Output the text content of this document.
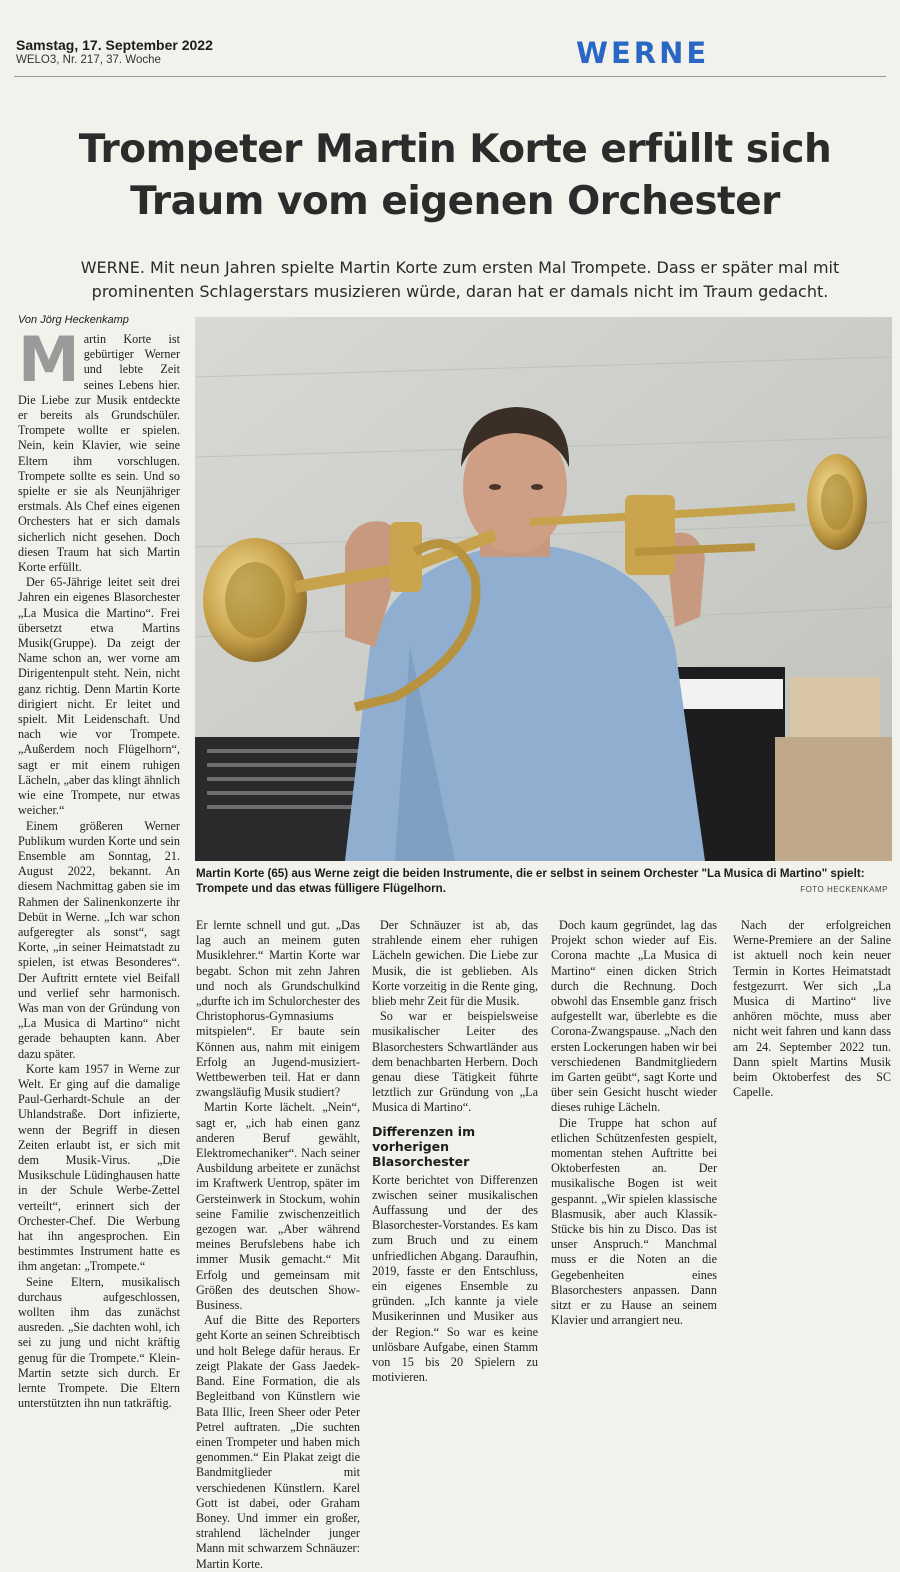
Samstag, 17. September 2022
WELO3, Nr. 217, 37. Woche	WERNE
Trompeter Martin Korte erfüllt sich
Traum vom eigenen Orchester
WERNE. Mit neun Jahren spielte Martin Korte zum ersten Mal Trompete. Dass er später mal mit prominenten Schlagerstars musizieren würde, daran hat er damals nicht im Traum gedacht.
Von Jörg Heckenkamp

Martin Korte ist gebürtiger Werner und lebte Zeit seines Lebens hier. Die Liebe zur Musik entdeckte er bereits als Grundschüler. Trompete wollte er spielen. Nein, kein Klavier, wie seine Eltern ihm vorschlugen. Trompete sollte es sein. Und so spielte er sie als Neunjähriger erstmals. Als Chef eines eigenen Orchesters hat er sich damals sicherlich nicht gesehen. Doch diesen Traum hat sich Martin Korte erfüllt.

Der 65-Jährige leitet seit drei Jahren ein eigenes Blasorchester „La Musica die Martino“. Frei übersetzt etwa Martins Musik(Gruppe). Da zeigt der Name schon an, wer vorne am Dirigentenpult steht. Nein, nicht ganz richtig. Denn Martin Korte dirigiert nicht. Er leitet und spielt. Mit Leidenschaft. Und nach wie vor Trompete. „Außerdem noch Flügelhorn“, sagt er mit einem ruhigen Lächeln, „aber das klingt ähnlich wie eine Trompete, nur etwas weicher.“

Einem größeren Werner Publikum wurden Korte und sein Ensemble am Sonntag, 21. August 2022, bekannt. An diesem Nachmittag gaben sie im Rahmen der Salinenkonzerte ihr Debüt in Werne. „Ich war schon aufgeregter als sonst“, sagt Korte, „in seiner Heimatstadt zu spielen, ist etwas Besonderes“. Der Auftritt erntete viel Beifall und verlief sehr harmonisch. Was man von der Gründung von „La Musica di Martino“ nicht gerade behaupten kann. Aber dazu später.

Korte kam 1957 in Werne zur Welt. Er ging auf die damalige Paul-Gerhardt-Schule an der Uhlandstraße. Dort infizierte, wenn der Begriff in diesen Zeiten erlaubt ist, er sich mit dem Musik-Virus. „Die Musikschule Lüdinghausen hatte in der Schule Werbe-Zettel verteilt“, erinnert sich der Orchester-Chef. Die Werbung hat ihn angesprochen. Ein bestimmtes Instrument hatte es ihm angetan: „Trompete.“

Seine Eltern, musikalisch durchaus aufgeschlossen, wollten ihm das zunächst ausreden. „Sie dachten wohl, ich sei zu jung und nicht kräftig genug für die Trompete.“ Klein-Martin setzte sich durch. Er lernte Trompete. Die Eltern unterstützten ihn nun tatkräftig.

Martin Korte (65) aus Werne zeigt die beiden Instrumente, die er selbst in seinem Orchester "La Musica di Martino" spielt: Trompete und das etwas fülligere Flügelhorn.	FOTO HECKENKAMP

Er lernte schnell und gut. „Das lag auch an meinem guten Musiklehrer.“ Martin Korte war begabt. Schon mit zehn Jahren und noch als Grundschulkind „durfte ich im Schulorchester des Christophorus-Gymnasiums mitspielen“. Er baute sein Können aus, nahm mit einigem Erfolg an Jugend-musiziert-Wettbewerben teil. Hat er dann zwangsläufig Musik studiert?

Martin Korte lächelt. „Nein“, sagt er, „ich hab einen ganz anderen Beruf gewählt, Elektromechaniker“. Nach seiner Ausbildung arbeitete er zunächst im Kraftwerk Uentrop, später im Gersteinwerk in Stockum, wohin seine Familie zwischenzeitlich gezogen war. „Aber während meines Berufslebens habe ich immer Musik gemacht.“ Mit Erfolg und gemeinsam mit Größen des deutschen Show-Business.

Auf die Bitte des Reporters geht Korte an seinen Schreibtisch und holt Belege dafür heraus. Er zeigt Plakate der Gass Jaedek-Band. Eine Formation, die als Begleitband von Künstlern wie Bata Illic, Ireen Sheer oder Peter Petrel auftraten. „Die suchten einen Trompeter und haben mich genommen.“ Ein Plakat zeigt die Bandmitglieder mit verschiedenen Künstlern. Karel Gott ist dabei, oder Graham Boney. Und immer ein großer, strahlend lächelnder junger Mann mit schwarzem Schnäuzer: Martin Korte.

Der Schnäuzer ist ab, das strahlende einem eher ruhigen Lächeln gewichen. Die Liebe zur Musik, die ist geblieben. Als Korte vorzeitig in die Rente ging, blieb mehr Zeit für die Musik.

So war er beispielsweise musikalischer Leiter des Blasorchesters Schwartländer aus dem benachbarten Herbern. Doch genau diese Tätigkeit führte letztlich zur Gründung von „La Musica di Martino“.

Differenzen im vorherigen Blasorchester

Korte berichtet von Differenzen zwischen seiner musikalischen Auffassung und der des Blasorchester-Vorstandes. Es kam zum Bruch und zu einem unfriedlichen Abgang. Daraufhin, 2019, fasste er den Entschluss, ein eigenes Ensemble zu gründen. „Ich kannte ja viele Musikerinnen und Musiker aus der Region.“ So war es keine unlösbare Aufgabe, einen Stamm von 15 bis 20 Spielern zu motivieren.

Doch kaum gegründet, lag das Projekt schon wieder auf Eis. Corona machte „La Musica di Martino“ einen dicken Strich durch die Rechnung. Doch obwohl das Ensemble ganz frisch aufgestellt war, überlebte es die Corona-Zwangspause. „Nach den ersten Lockerungen haben wir bei verschiedenen Bandmitgliedern im Garten geübt“, sagt Korte und über sein Gesicht huscht wieder dieses ruhige Lächeln.

Die Truppe hat schon auf etlichen Schützenfesten gespielt, momentan stehen Auftritte bei Oktoberfesten an. Der musikalische Bogen ist weit gespannt. „Wir spielen klassische Blasmusik, aber auch Klassik-Stücke bis hin zu Disco. Das ist unser Anspruch.“ Manchmal muss er die Noten an die Gegebenheiten eines Blasorchesters anpassen. Dann sitzt er zu Hause an seinem Klavier und arrangiert neu.

Nach der erfolgreichen Werne-Premiere an der Saline ist aktuell noch kein neuer Termin in Kortes Heimatstadt festgezurrt. Wer sich „La Musica di Martino“ live anhören möchte, muss aber nicht weit fahren und kann dass am 24. September 2022 tun. Dann spielt Martins Musik beim Oktoberfest des SC Capelle.
